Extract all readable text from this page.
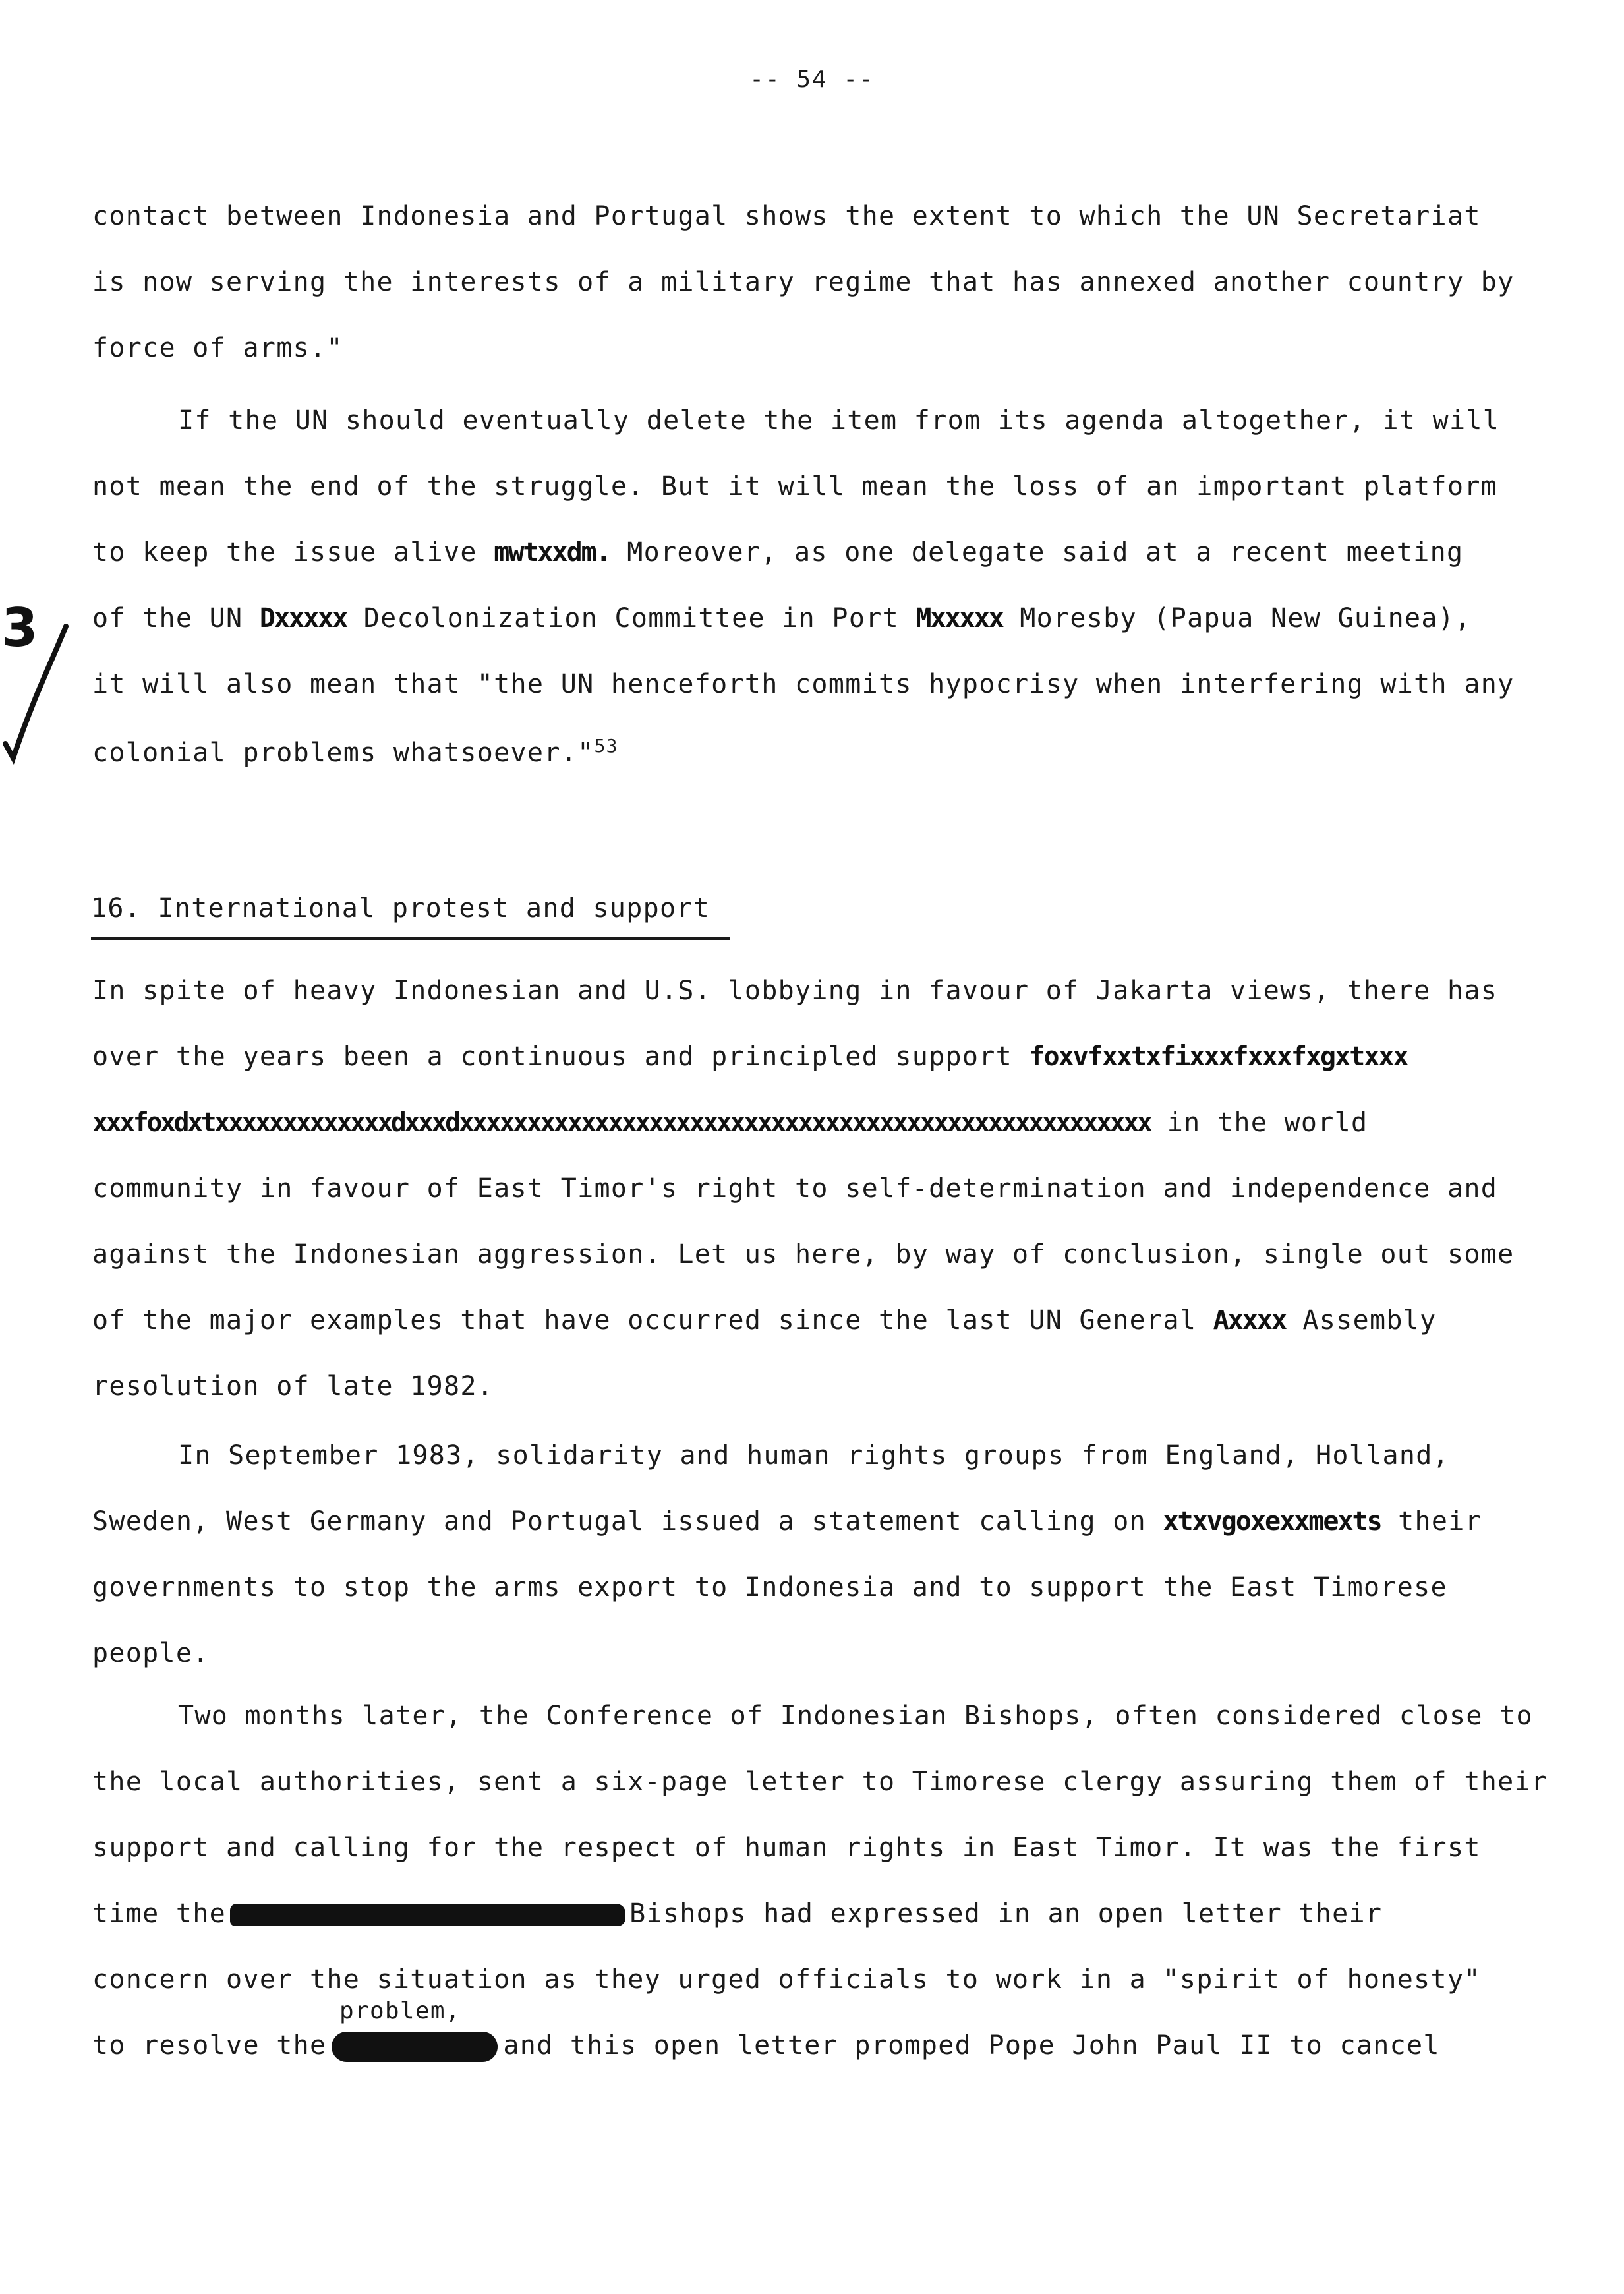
-- 54 --
contact between Indonesia and Portugal shows the extent to which the UN Secretariat
is now serving the interests of a military regime that has annexed another country by
force of arms."
If the UN should eventually delete the item from its agenda altogether, it will
not mean the end of the struggle. But it will mean the loss of an important platform
to keep the issue alive mwtxxdm. Moreover, as one delegate said at a recent meeting
of the UN Dxxxxx Decolonization Committee in Port Mxxxxx Moresby (Papua New Guinea),
it will also mean that "the UN henceforth commits hypocrisy when interfering with any
colonial problems whatsoever."$^{53}$
3
16. International protest and support
In spite of heavy Indonesian and U.S. lobbying in favour of Jakarta views, there has
over the years been a continuous and principled support foxvfxxtxfixxxfxxxfxgxtxxx
xxxfoxdxtxxxxxxxxxxxxxdxxxdxxxxxxxxxxxxxxxxxxxxxxxxxxxxxxxxxxxxxxxxxxxxxxxxxxx in the world
community in favour of East Timor's right to self-determination and independence and
against the Indonesian aggression. Let us here, by way of conclusion, single out some
of the major examples that have occurred since the last UN General Axxxx Assembly
resolution of late 1982.
In September 1983, solidarity and human rights groups from England, Holland,
Sweden, West Germany and Portugal issued a statement calling on xtxvgoxexxmexts their
governments to stop the arms export to Indonesia and to support the East Timorese
people.
Two months later, the Conference of Indonesian Bishops, often considered close to
the local authorities, sent a six-page letter to Timorese clergy assuring them of their
support and calling for the respect of human rights in East Timor. It was the first
time the	Bishops had expressed in an open letter their
concern over the situation as they urged officials to work in a "spirit of honesty"
problem,
to resolve the	and this open letter promped Pope John Paul II to cancel
